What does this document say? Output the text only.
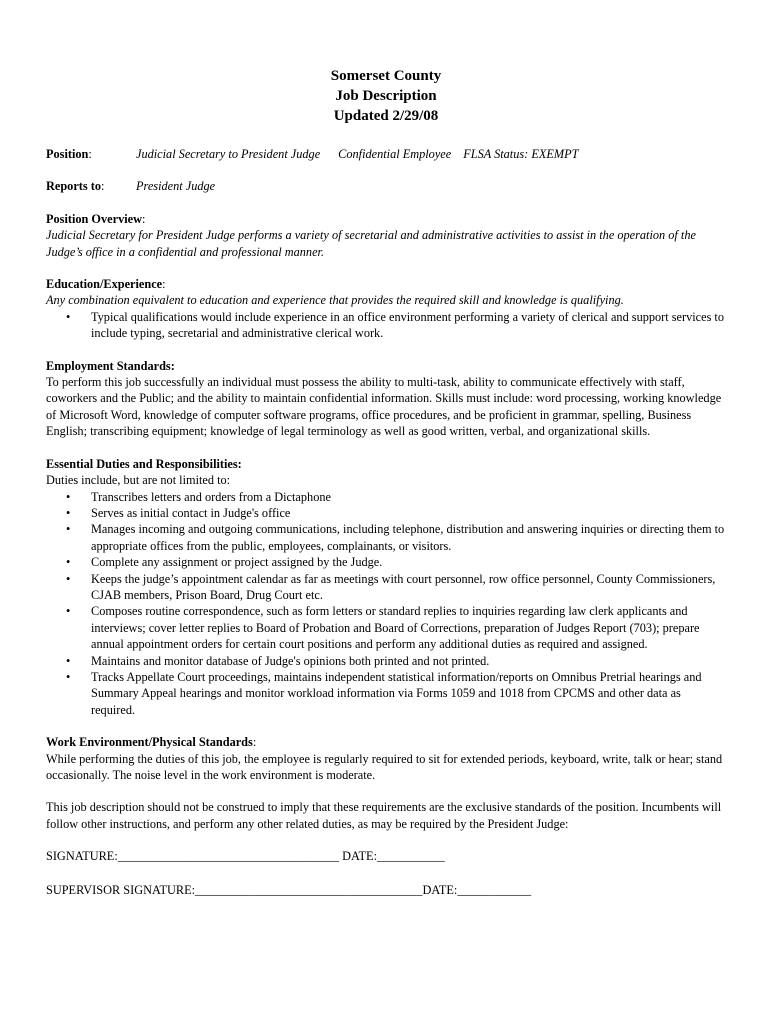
Somerset County
Job Description
Updated 2/29/08
Position:	Judicial Secretary to President Judge Confidential Employee FLSA Status: EXEMPT
Reports to:	President Judge
Position Overview:
Judicial Secretary for President Judge performs a variety of secretarial and administrative activities to assist in the operation of the Judge’s office in a confidential and professional manner.
Education/Experience:
Any combination equivalent to education and experience that provides the required skill and knowledge is qualifying.
• Typical qualifications would include experience in an office environment performing a variety of clerical and support services to include typing, secretarial and administrative clerical work.
Employment Standards:
To perform this job successfully an individual must possess the ability to multi-task, ability to communicate effectively with staff, coworkers and the Public; and the ability to maintain confidential information. Skills must include: word processing, working knowledge of Microsoft Word, knowledge of computer software programs, office procedures, and be proficient in grammar, spelling, Business English; transcribing equipment; knowledge of legal terminology as well as good written, verbal, and organizational skills.
Essential Duties and Responsibilities:
Duties include, but are not limited to:
• Transcribes letters and orders from a Dictaphone
• Serves as initial contact in Judge's office
• Manages incoming and outgoing communications, including telephone, distribution and answering inquiries or directing them to appropriate offices from the public, employees, complainants, or visitors.
• Complete any assignment or project assigned by the Judge.
• Keeps the judge’s appointment calendar as far as meetings with court personnel, row office personnel, County Commissioners, CJAB members, Prison Board, Drug Court etc.
• Composes routine correspondence, such as form letters or standard replies to inquiries regarding law clerk applicants and interviews; cover letter replies to Board of Probation and Board of Corrections, preparation of Judges Report (703); prepare annual appointment orders for certain court positions and perform any additional duties as required and assigned.
• Maintains and monitor database of Judge's opinions both printed and not printed.
• Tracks Appellate Court proceedings, maintains independent statistical information/reports on Omnibus Pretrial hearings and Summary Appeal hearings and monitor workload information via Forms 1059 and 1018 from CPCMS and other data as required.
Work Environment/Physical Standards:
While performing the duties of this job, the employee is regularly required to sit for extended periods, keyboard, write, talk or hear; stand occasionally. The noise level in the work environment is moderate.
This job description should not be construed to imply that these requirements are the exclusive standards of the position. Incumbents will follow other instructions, and perform any other related duties, as may be required by the President Judge:
SIGNATURE:____________________________________ DATE:___________
SUPERVISOR SIGNATURE:_____________________________________DATE:____________
